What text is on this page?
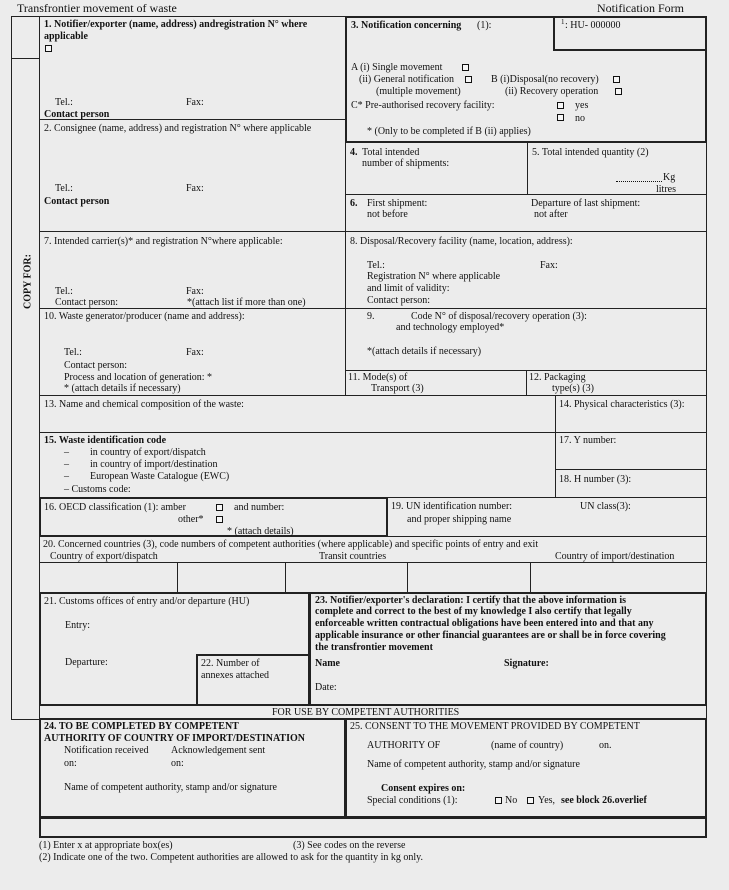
Transfrontier movement of waste	Notification Form
COPY FOR:
1. Notifier/exporter (name, address) andregistration N° where
applicable
Tel.:	Fax:
Contact person
2. Consignee (name, address) and registration N° where applicable
Tel.:	Fax:
Contact person
3. Notification concerning (1):	1 : HU- 000000
A (i) Single movement
(ii) General notification
(multiple movement)
B (i)Disposal(no recovery)
(ii) Recovery operation
C* Pre-authorised recovery facility:	yes
no
* (Only to be completed if B (ii) applies)
4. Total intended
number of shipments:
5. Total intended quantity (2)
Kg
litres
6. First shipment:
not before
Departure of last shipment:
not after
7. Intended carrier(s)* and registration N°where applicable:
Tel.:	Fax:
Contact person:	*(attach list if more than one)
8. Disposal/Recovery facility (name, location, address):
Tel.:	Fax:
Registration N° where applicable
and limit of validity:
Contact person:
10. Waste generator/producer (name and address):
Tel.:	Fax:
Contact person:
Process and location of generation: *
* (attach details if necessary)
9.	Code N° of disposal/recovery operation (3):
and technology employed*
*(attach details if necessary)
11. Mode(s) of
Transport (3)
12. Packaging
type(s) (3)
13. Name and chemical composition of the waste:	14. Physical characteristics (3):
15. Waste identification code
– in country of export/dispatch
– in country of import/destination
– European Waste Catalogue (EWC)
– Customs code:
17. Y number:
18. H number (3):
16. OECD classification (1): amber	and number:
other*
* (attach details)
19. UN identification number:
and proper shipping name
UN class(3):
20. Concerned countries (3), code numbers of competent authorities (where applicable) and specific points of entry and exit
Country of export/dispatch	Transit countries	Country of import/destination
21. Customs offices of entry and/or departure (HU)
Entry:
Departure:	22. Number of
annexes attached
23. Notifier/exporter's declaration: I certify that the above information is
complete and correct to the best of my knowledge I also certify that legally
enforceable written contractual obligations have been entered into and that any
applicable insurance or other financial guarantees are or shall be in force covering
the transfrontier movement
Name	Signature:
Date:
FOR USE BY COMPETENT AUTHORITIES
24. TO BE COMPLETED BY COMPETENT
AUTHORITY OF COUNTRY OF IMPORT/DESTINATION
Notification received Acknowledgement sent
on:	on:
Name of competent authority, stamp and/or signature
25. CONSENT TO THE MOVEMENT PROVIDED BY COMPETENT
AUTHORITY OF	(name of country)	on.
Name of competent authority, stamp and/or signature
Consent expires on:
Special conditions (1):	No Yes, see block 26.overlief
(1) Enter x at appropriate box(es)	(3) See codes on the reverse
(2) Indicate one of the two. Competent authorities are allowed to ask for the quantity in kg only.
